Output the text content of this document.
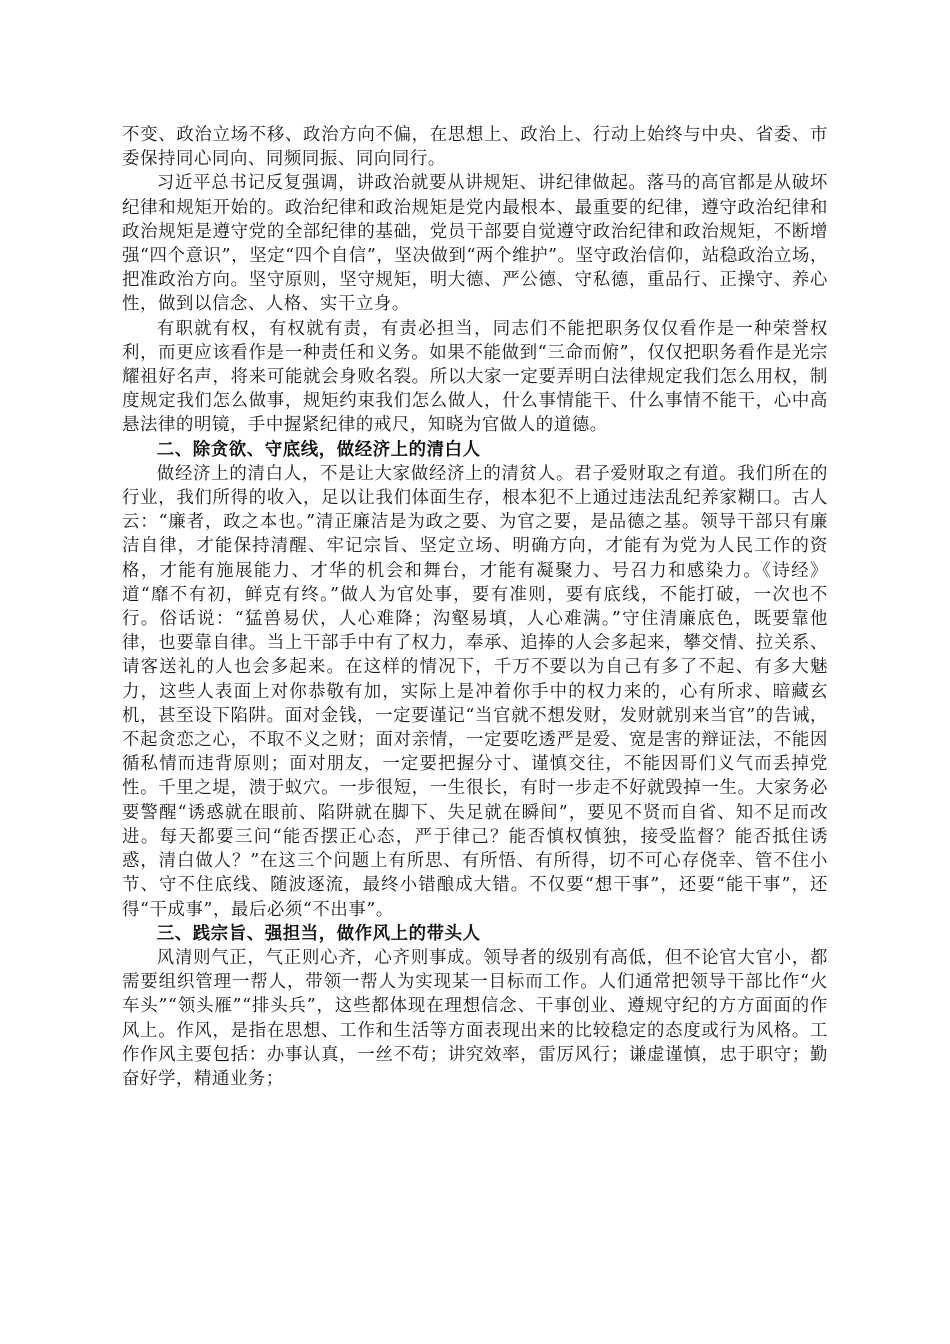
不变、政治立场不移、政治方向不偏，在思想上、政治上、行动上始终与中央、省委、市委保持同心同向、同频同振、同向同行。

习近平总书记反复强调，讲政治就要从讲规矩、讲纪律做起。落马的高官都是从破坏纪律和规矩开始的。政治纪律和政治规矩是党内最根本、最重要的纪律，遵守政治纪律和政治规矩是遵守党的全部纪律的基础，党员干部要自觉遵守政治纪律和政治规矩，不断增强“四个意识”，坚定“四个自信”，坚决做到“两个维护”。坚守政治信仰，站稳政治立场，把准政治方向。坚守原则，坚守规矩，明大德、严公德、守私德，重品行、正操守、养心性，做到以信念、人格、实干立身。

有职就有权，有权就有责，有责必担当，同志们不能把职务仅仅看作是一种荣誉权利，而更应该看作是一种责任和义务。如果不能做到“三命而俯”，仅仅把职务看作是光宗耀祖好名声，将来可能就会身败名裂。所以大家一定要弄明白法律规定我们怎么用权，制度规定我们怎么做事，规矩约束我们怎么做人，什么事情能干、什么事情不能干，心中高悬法律的明镜，手中握紧纪律的戒尺，知晓为官做人的道德。

二、除贪欲、守底线，做经济上的清白人

做经济上的清白人，不是让大家做经济上的清贫人。君子爱财取之有道。我们所在的行业，我们所得的收入，足以让我们体面生存，根本犯不上通过违法乱纪养家糊口。古人云：“廉者，政之本也。”清正廉洁是为政之要、为官之要，是品德之基。领导干部只有廉洁自律，才能保持清醒、牢记宗旨、坚定立场、明确方向，才能有为党为人民工作的资格，才能有施展能力、才华的机会和舞台，才能有凝聚力、号召力和感染力。《诗经》道“靡不有初，鲜克有终。”做人为官处事，要有准则，要有底线，不能打破，一次也不行。俗话说：“猛兽易伏，人心难降；沟壑易填，人心难满。”守住清廉底色，既要靠他律，也要靠自律。当上干部手中有了权力，奉承、追捧的人会多起来，攀交情、拉关系、请客送礼的人也会多起来。在这样的情况下，千万不要以为自己有多了不起、有多大魅力，这些人表面上对你恭敬有加，实际上是冲着你手中的权力来的，心有所求、暗藏玄机，甚至设下陷阱。面对金钱，一定要谨记“当官就不想发财，发财就别来当官”的告诫，不起贪恋之心，不取不义之财；面对亲情，一定要吃透严是爱、宽是害的辩证法，不能因循私情而违背原则；面对朋友，一定要把握分寸、谨慎交往，不能因哥们义气而丢掉党性。千里之堤，溃于蚁穴。一步很短，一生很长，有时一步走不好就毁掉一生。大家务必要警醒“诱惑就在眼前、陷阱就在脚下、失足就在瞬间”，要见不贤而自省、知不足而改进。每天都要三问“能否摆正心态，严于律己？能否慎权慎独，接受监督？能否抵住诱惑，清白做人？”在这三个问题上有所思、有所悟、有所得，切不可心存侥幸、管不住小节、守不住底线、随波逐流，最终小错酿成大错。不仅要“想干事”，还要“能干事”，还得“干成事”，最后必须“不出事”。

三、践宗旨、强担当，做作风上的带头人

风清则气正，气正则心齐，心齐则事成。领导者的级别有高低，但不论官大官小，都需要组织管理一帮人，带领一帮人为实现某一目标而工作。人们通常把领导干部比作“火车头”“领头雁”“排头兵”，这些都体现在理想信念、干事创业、遵规守纪的方方面面的作风上。作风，是指在思想、工作和生活等方面表现出来的比较稳定的态度或行为风格。工作作风主要包括：办事认真，一丝不苟；讲究效率，雷厉风行；谦虚谨慎，忠于职守；勤奋好学，精通业务；
